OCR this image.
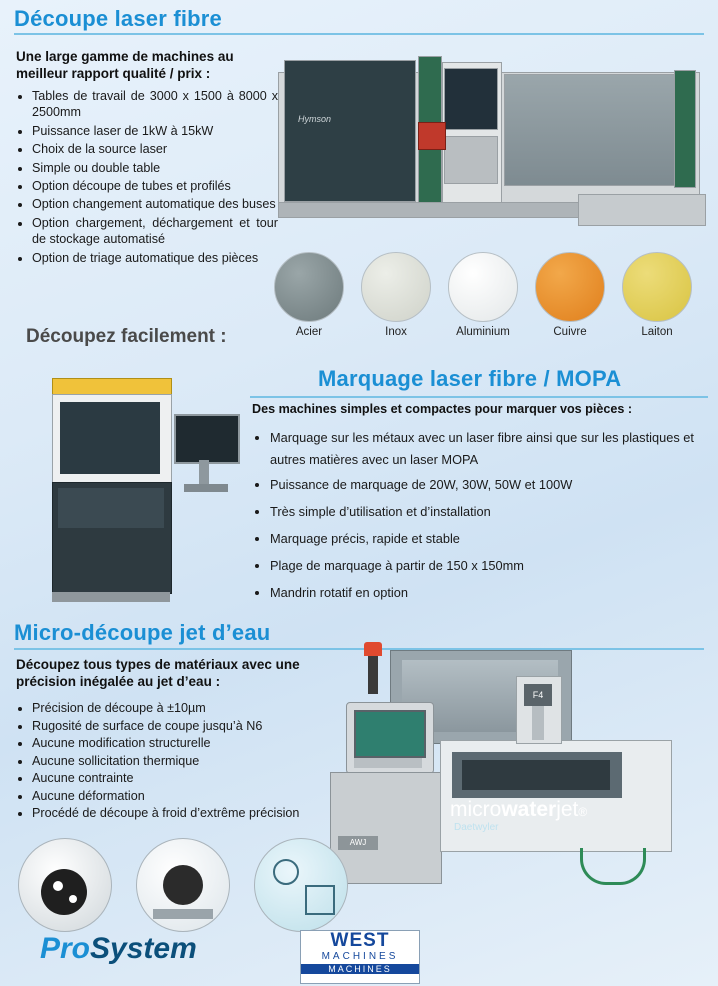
Découpe laser fibre
Une large gamme de machines au meilleur rapport qualité / prix :
• Tables de travail de 3000 x 1500 à 8000 x 2500mm
• Puissance laser de 1kW à 15kW
• Choix de la source laser
• Simple ou double table
• Option découpe de tubes et profilés
• Option changement automatique des buses
• Option chargement, déchargement et tour de stockage automatisé
• Option de triage automatique des pièces
Hymson
Acier	Inox	Aluminium	Cuivre	Laiton
Découpez facilement :
Marquage laser fibre / MOPA
Des machines simples et compactes pour marquer vos pièces :
• Marquage sur les métaux avec un laser fibre ainsi que sur les plastiques et autres matières avec un laser MOPA
• Puissance de marquage de 20W, 30W, 50W et 100W
• Très simple d’utilisation et d’installation
• Marquage précis, rapide et stable
• Plage de marquage à partir de 150 x 150mm
• Mandrin rotatif en option
Micro-découpe jet d’eau
Découpez tous types de matériaux avec une précision inégalée au jet d’eau :
• Précision de découpe à ±10µm
• Rugosité de surface de coupe jusqu’à N6
• Aucune modification structurelle
• Aucune sollicitation thermique
• Aucune contrainte
• Aucune déformation
• Procédé de découpe à froid d’extrême précision
AWJ
F4
microwaterjet®
Daetwyler
ProSystem	WEST
MACHINES
MACHINES
